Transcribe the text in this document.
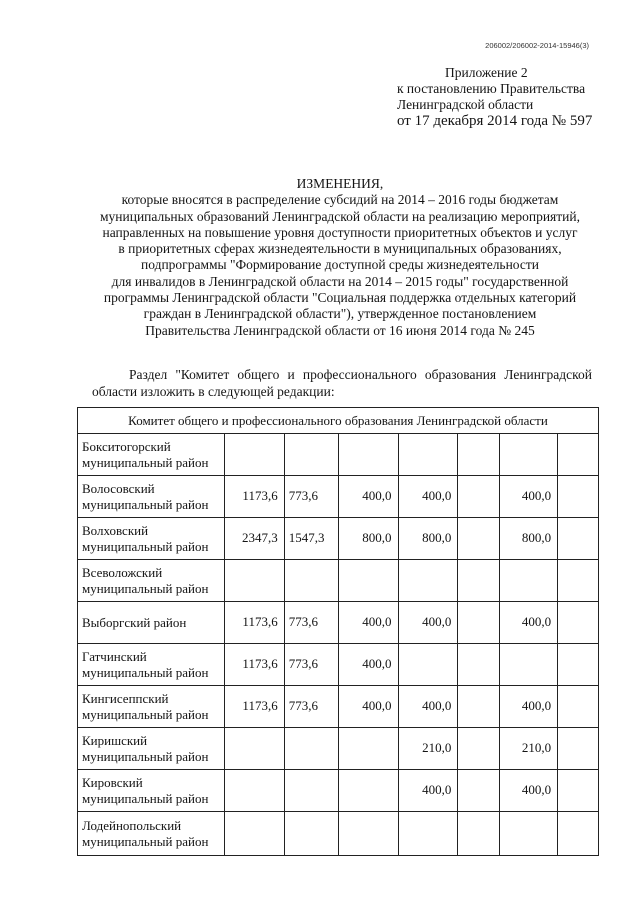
206002/206002-2014-15946(3)
Приложение 2
к постановлению Правительства
Ленинградской области
от 17 декабря 2014 года № 597
ИЗМЕНЕНИЯ,
которые вносятся в распределение субсидий на 2014 – 2016 годы бюджетам
муниципальных образований Ленинградской области на реализацию мероприятий,
направленных на повышение уровня доступности приоритетных объектов и услуг
в приоритетных сферах жизнедеятельности в муниципальных образованиях,
подпрограммы "Формирование доступной среды жизнедеятельности
для инвалидов в Ленинградской области на 2014 – 2015 годы" государственной
программы Ленинградской области "Социальная поддержка отдельных категорий
граждан в Ленинградской области"), утвержденное постановлением
Правительства Ленинградской области от 16 июня 2014 года № 245
Раздел "Комитет общего и профессионального образования Ленинградской
области изложить в следующей редакции:
Комитет общего и профессионального образования Ленинградской области							

Бокситогорский
муниципальный район							

Волосовский
муниципальный район	1173,6	773,6	400,0	400,0		400,0	

Волховский
муниципальный район	2347,3	1547,3	800,0	800,0		800,0	

Всеволожский
муниципальный район							

Выборгский район	1173,6	773,6	400,0	400,0		400,0	

Гатчинский
муниципальный район	1173,6	773,6	400,0				

Кингисеппский
муниципальный район	1173,6	773,6	400,0	400,0		400,0	

Киришский
муниципальный район				210,0		210,0	

Кировский
муниципальный район				400,0		400,0	

Лодейнопольский
муниципальный район							
